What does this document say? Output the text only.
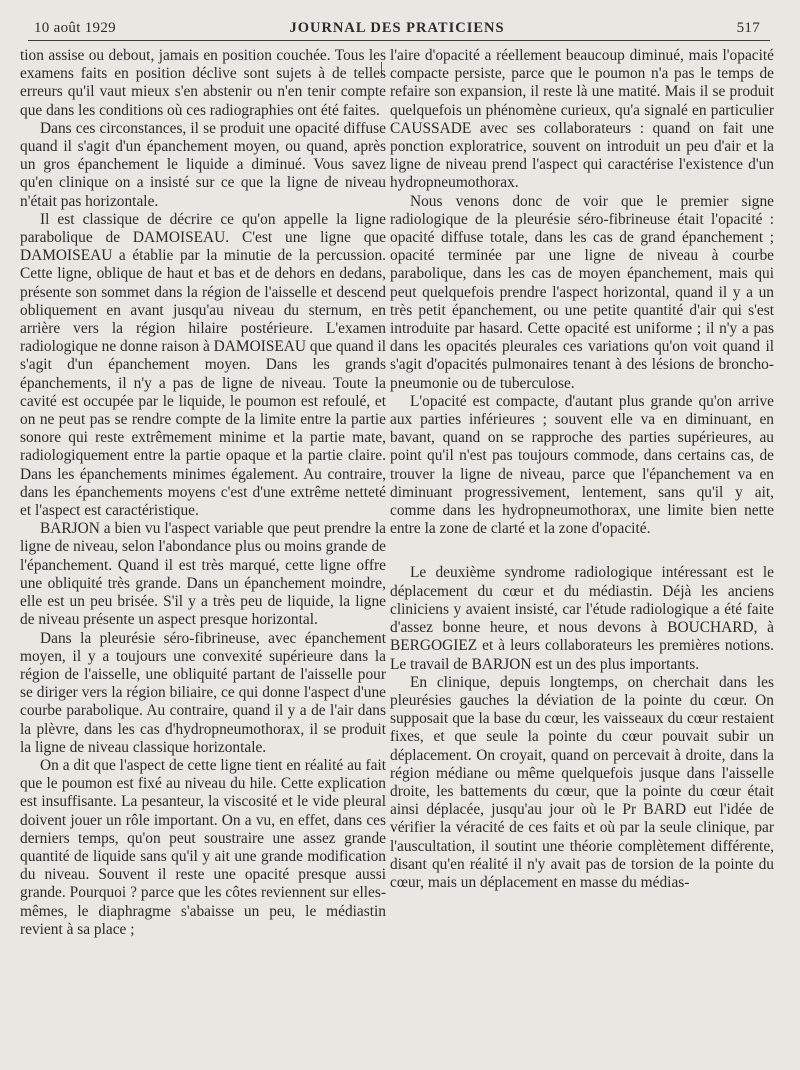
10 août 1929	JOURNAL DES PRATICIENS	517

tion assise ou debout, jamais en position couchée. Tous les examens faits en position déclive sont sujets à de telles erreurs qu'il vaut mieux s'en abstenir ou n'en tenir compte que dans les conditions où ces radiographies ont été faites.

Dans ces circonstances, il se produit une opacité diffuse quand il s'agit d'un épanchement moyen, ou quand, après un gros épanchement le liquide a diminué. Vous savez qu'en clinique on a insisté sur ce que la ligne de niveau n'était pas horizontale.

Il est classique de décrire ce qu'on appelle la ligne parabolique de DAMOISEAU. C'est une ligne que DAMOISEAU a établie par la minutie de la percussion. Cette ligne, oblique de haut et bas et de dehors en dedans, présente son sommet dans la région de l'aisselle et descend obliquement en avant jusqu'au niveau du sternum, en arrière vers la région hilaire postérieure. L'examen radiologique ne donne raison à DAMOISEAU que quand il s'agit d'un épanchement moyen. Dans les grands épanchements, il n'y a pas de ligne de niveau. Toute la cavité est occupée par le liquide, le poumon est refoulé, et on ne peut pas se rendre compte de la limite entre la partie sonore qui reste extrêmement minime et la partie mate, radiologiquement entre la partie opaque et la partie claire. Dans les épanchements minimes également. Au contraire, dans les épanchements moyens c'est d'une extrême netteté et l'aspect est caractéristique.

BARJON a bien vu l'aspect variable que peut prendre la ligne de niveau, selon l'abondance plus ou moins grande de l'épanchement. Quand il est très marqué, cette ligne offre une obliquité très grande. Dans un épanchement moindre, elle est un peu brisée. S'il y a très peu de liquide, la ligne de niveau présente un aspect presque horizontal.

Dans la pleurésie séro-fibrineuse, avec épanchement moyen, il y a toujours une convexité supérieure dans la région de l'aisselle, une obliquité partant de l'aisselle pour se diriger vers la région biliaire, ce qui donne l'aspect d'une courbe parabolique. Au contraire, quand il y a de l'air dans la plèvre, dans les cas d'hydropneumothorax, il se produit la ligne de niveau classique horizontale.

On a dit que l'aspect de cette ligne tient en réalité au fait que le poumon est fixé au niveau du hile. Cette explication est insuffisante. La pesanteur, la viscosité et le vide pleural doivent jouer un rôle important. On a vu, en effet, dans ces derniers temps, qu'on peut soustraire une assez grande quantité de liquide sans qu'il y ait une grande modification du niveau. Souvent il reste une opacité presque aussi grande. Pourquoi ? parce que les côtes reviennent sur elles-mêmes, le diaphragme s'abaisse un peu, le médiastin revient à sa place ;

l'aire d'opacité a réellement beaucoup diminué, mais l'opacité compacte persiste, parce que le poumon n'a pas le temps de refaire son expansion, il reste là une matité. Mais il se produit quelquefois un phénomène curieux, qu'a signalé en particulier CAUSSADE avec ses collaborateurs : quand on fait une ponction exploratrice, souvent on introduit un peu d'air et la ligne de niveau prend l'aspect qui caractérise l'existence d'un hydropneumothorax.

Nous venons donc de voir que le premier signe radiologique de la pleurésie séro-fibrineuse était l'opacité : opacité diffuse totale, dans les cas de grand épanchement ; opacité terminée par une ligne de niveau à courbe parabolique, dans les cas de moyen épanchement, mais qui peut quelquefois prendre l'aspect horizontal, quand il y a un très petit épanchement, ou une petite quantité d'air qui s'est introduite par hasard. Cette opacité est uniforme ; il n'y a pas dans les opacités pleurales ces variations qu'on voit quand il s'agit d'opacités pulmonaires tenant à des lésions de broncho-pneumonie ou de tuberculose.

L'opacité est compacte, d'autant plus grande qu'on arrive aux parties inférieures ; souvent elle va en diminuant, en bavant, quand on se rapproche des parties supérieures, au point qu'il n'est pas toujours commode, dans certains cas, de trouver la ligne de niveau, parce que l'épanchement va en diminuant progressivement, lentement, sans qu'il y ait, comme dans les hydropneumothorax, une limite bien nette entre la zone de clarté et la zone d'opacité.

Le deuxième syndrome radiologique intéressant est le déplacement du cœur et du médiastin. Déjà les anciens cliniciens y avaient insisté, car l'étude radiologique a été faite d'assez bonne heure, et nous devons à BOUCHARD, à BERGOGIEZ et à leurs collaborateurs les premières notions. Le travail de BARJON est un des plus importants.

En clinique, depuis longtemps, on cherchait dans les pleurésies gauches la déviation de la pointe du cœur. On supposait que la base du cœur, les vaisseaux du cœur restaient fixes, et que seule la pointe du cœur pouvait subir un déplacement. On croyait, quand on percevait à droite, dans la région médiane ou même quelquefois jusque dans l'aisselle droite, les battements du cœur, que la pointe du cœur était ainsi déplacée, jusqu'au jour où le Pr BARD eut l'idée de vérifier la véracité de ces faits et où par la seule clinique, par l'auscultation, il soutint une théorie complètement différente, disant qu'en réalité il n'y avait pas de torsion de la pointe du cœur, mais un déplacement en masse du médias-
